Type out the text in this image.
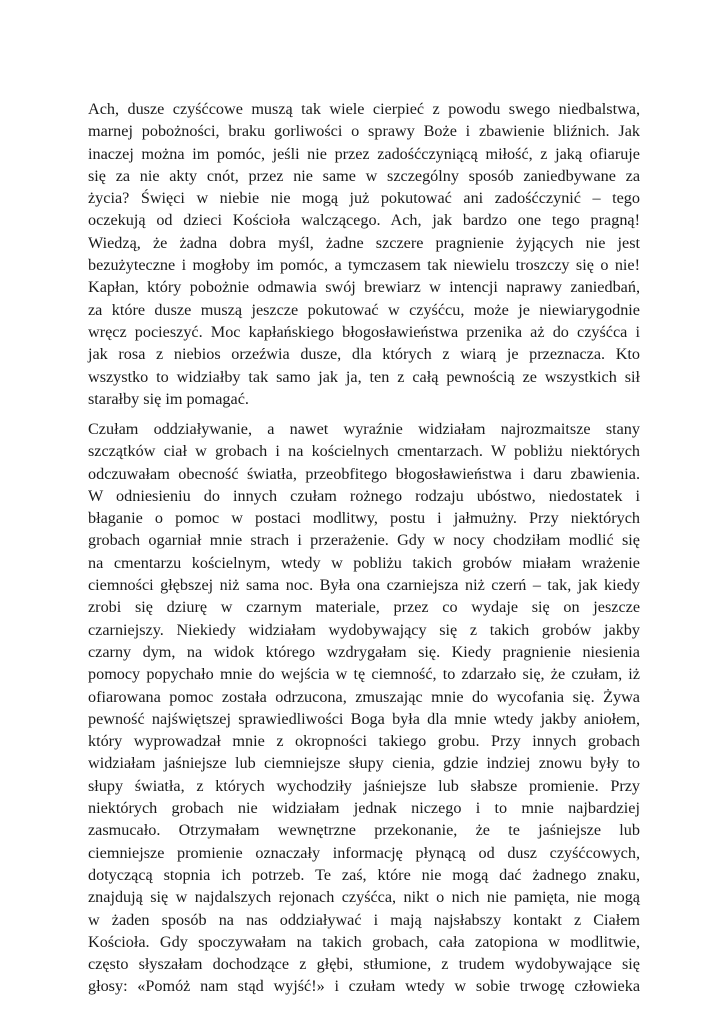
Ach, dusze czyśćcowe muszą tak wiele cierpieć z powodu swego niedbalstwa,
marnej pobożności, braku gorliwości o sprawy Boże i zbawienie bliźnich. Jak
inaczej można im pomóc, jeśli nie przez zadośćczyniącą miłość, z jaką ofiaruje
się za nie akty cnót, przez nie same w szczególny sposób zaniedbywane za
życia? Święci w niebie nie mogą już pokutować ani zadośćczynić – tego
oczekują od dzieci Kościoła walczącego. Ach, jak bardzo one tego pragną!
Wiedzą, że żadna dobra myśl, żadne szczere pragnienie żyjących nie jest
bezużyteczne i mogłoby im pomóc, a tymczasem tak niewielu troszczy się o nie!
Kapłan, który pobożnie odmawia swój brewiarz w intencji naprawy zaniedbań,
za które dusze muszą jeszcze pokutować w czyśćcu, może je niewiarygodnie
wręcz pocieszyć. Moc kapłańskiego błogosławieństwa przenika aż do czyśćca i
jak rosa z niebios orzeźwia dusze, dla których z wiarą je przeznacza. Kto
wszystko to widziałby tak samo jak ja, ten z całą pewnością ze wszystkich sił
starałby się im pomagać.
Czułam oddziaływanie, a nawet wyraźnie widziałam najrozmaitsze stany
szczątków ciał w grobach i na kościelnych cmentarzach. W pobliżu niektórych
odczuwałam obecność światła, przeobfitego błogosławieństwa i daru zbawienia.
W odniesieniu do innych czułam rożnego rodzaju ubóstwo, niedostatek i
błaganie o pomoc w postaci modlitwy, postu i jałmużny. Przy niektórych
grobach ogarniał mnie strach i przerażenie. Gdy w nocy chodziłam modlić się
na cmentarzu kościelnym, wtedy w pobliżu takich grobów miałam wrażenie
ciemności głębszej niż sama noc. Była ona czarniejsza niż czerń – tak, jak kiedy
zrobi się dziurę w czarnym materiale, przez co wydaje się on jeszcze
czarniejszy. Niekiedy widziałam wydobywający się z takich grobów jakby
czarny dym, na widok którego wzdrygałam się. Kiedy pragnienie niesienia
pomocy popychało mnie do wejścia w tę ciemność, to zdarzało się, że czułam, iż
ofiarowana pomoc została odrzucona, zmuszając mnie do wycofania się. Żywa
pewność najświętszej sprawiedliwości Boga była dla mnie wtedy jakby aniołem,
który wyprowadzał mnie z okropności takiego grobu. Przy innych grobach
widziałam jaśniejsze lub ciemniejsze słupy cienia, gdzie indziej znowu były to
słupy światła, z których wychodziły jaśniejsze lub słabsze promienie. Przy
niektórych grobach nie widziałam jednak niczego i to mnie najbardziej
zasmucało. Otrzymałam wewnętrzne przekonanie, że te jaśniejsze lub
ciemniejsze promienie oznaczały informację płynącą od dusz czyśćcowych,
dotyczącą stopnia ich potrzeb. Te zaś, które nie mogą dać żadnego znaku,
znajdują się w najdalszych rejonach czyśćca, nikt o nich nie pamięta, nie mogą
w żaden sposób na nas oddziaływać i mają najsłabszy kontakt z Ciałem
Kościoła. Gdy spoczywałam na takich grobach, cała zatopiona w modlitwie,
często słyszałam dochodzące z głębi, stłumione, z trudem wydobywające się
głosy: «Pomóż nam stąd wyjść!» i czułam wtedy w sobie trwogę człowieka
